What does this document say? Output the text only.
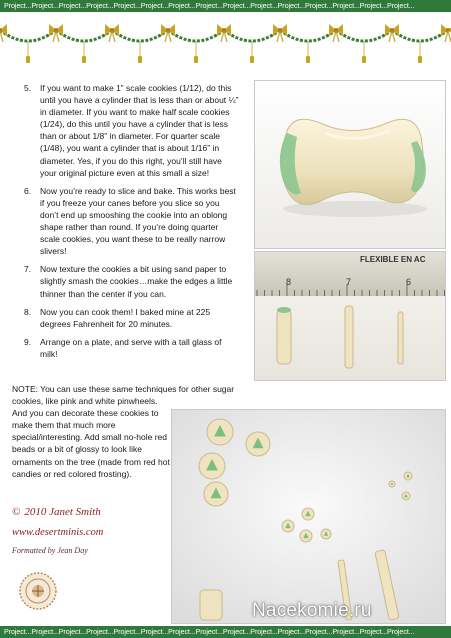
Project...Project...Project...Project...Project...Project...Project...Project...Project...Project...Project...Project...Project...Project...Project...
5.	If you want to make 1” scale cookies (1/12), do this until you have a cylinder that is less than or about ¼” in diameter. If you want to make half scale cookies (1/24), do this until you have a cylinder that is less than or about 1/8” in diameter. For quarter scale (1/48), you want a cylinder that is about 1/16” in diameter. Yes, if you do this right, you’ll still have your original picture even at this small a size!
6.	Now you’re ready to slice and bake. This works best if you freeze your canes before you slice so you don’t end up smooshing the cookie into an oblong shape rather than round. If you’re doing quarter scale cookies, you want these to be really narrow slivers!
7.	Now texture the cookies a bit using sand paper to slightly smash the cookies…make the edges a little thinner than the center if you can.
8.	Now you can cook them! I baked mine at 225 degrees Fahrenheit for 20 minutes.
9.	Arrange on a plate, and serve with a tall glass of milk!
NOTE: You can use these same techniques for other sugar
cookies, like pink and white pinwheels. And you can decorate these cookies to make them that much more special/interesting. Add small no-hole red beads or a bit of glossy to look like ornaments on the tree (made from red hot candies or red colored frosting).
© 2010 Janet Smith
www.desertminis.com
Formatted by Jean Day
FLEXIBLE EN AC
8	7	6
Nacekomie.ru
Project...Project...Project...Project...Project...Project...Project...Project...Project...Project...Project...Project...Project...Project...Project...
